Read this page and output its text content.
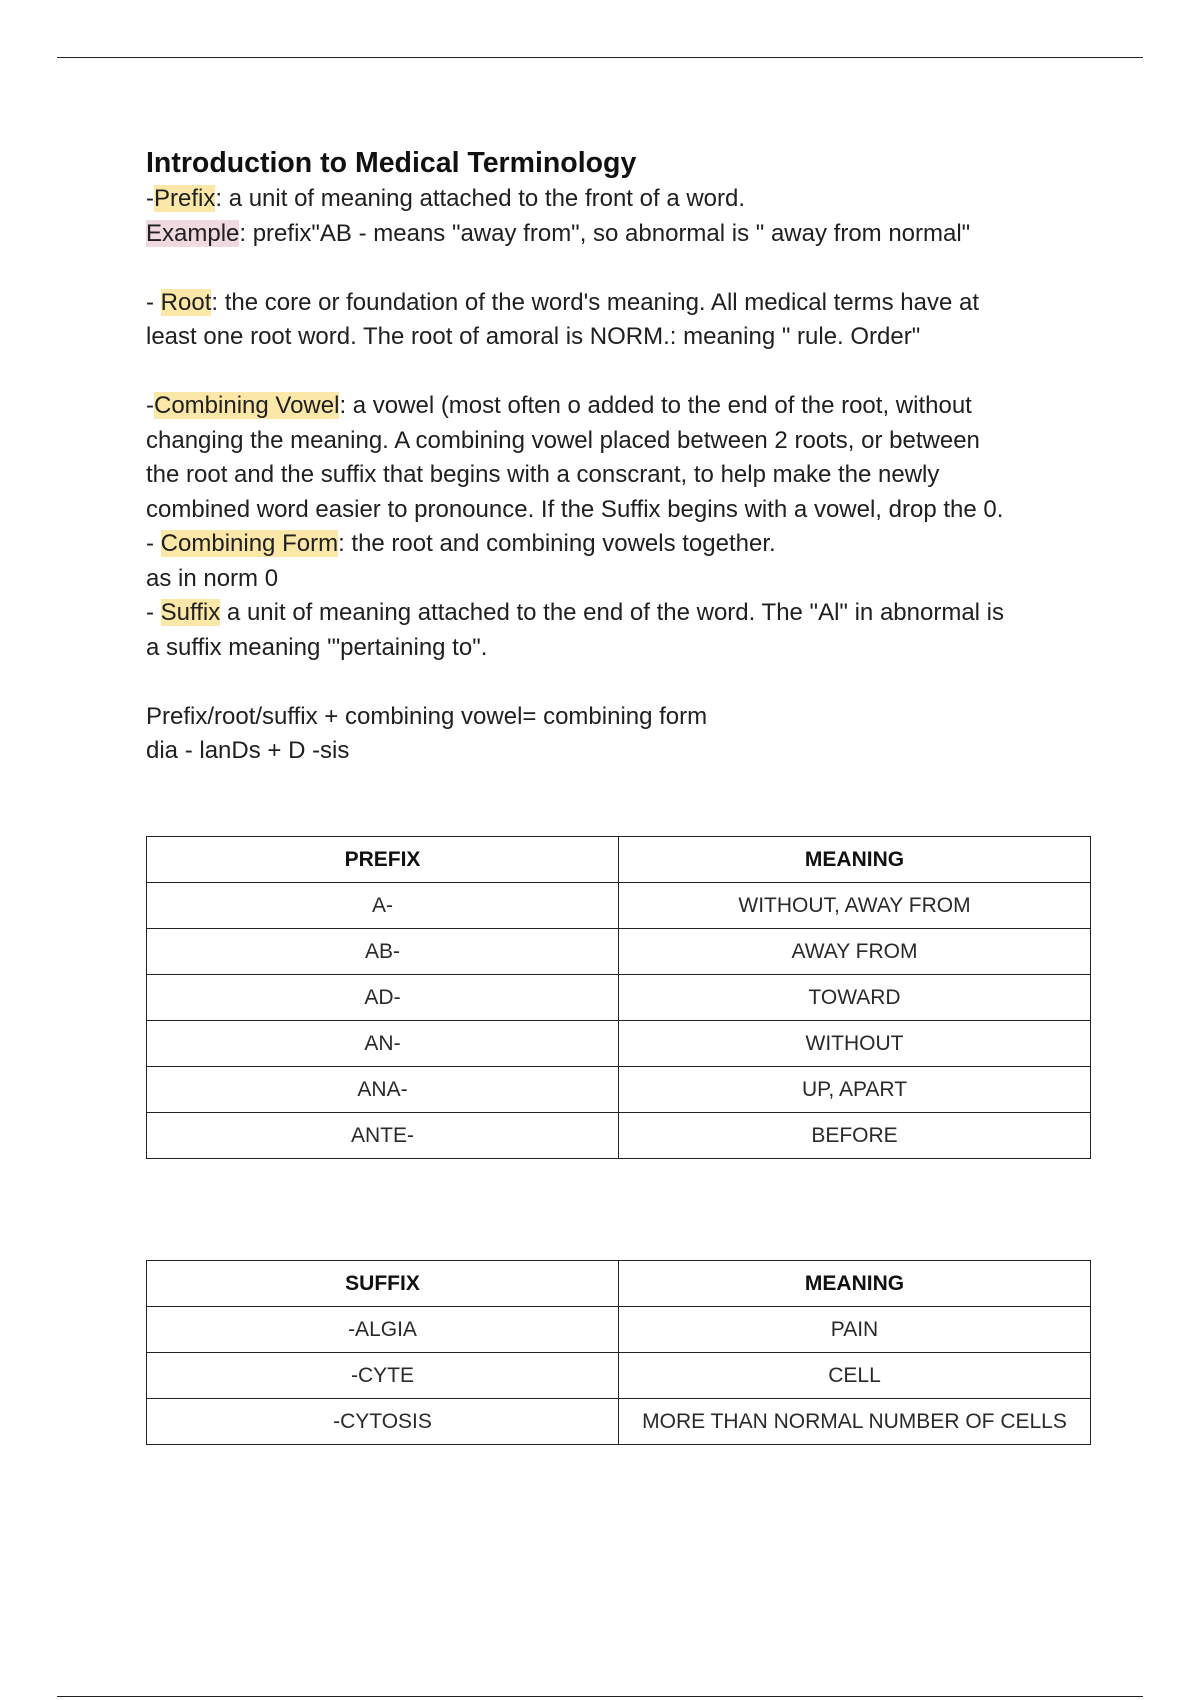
Introduction to Medical Terminology
-Prefix: a unit of meaning attached to the front of a word.
Example: prefix"AB - means "away from", so abnormal is " away from normal"
- Root: the core or foundation of the word's meaning. All medical terms have at
least one root word. The root of amoral is NORM.: meaning " rule. Order"
-Combining Vowel: a vowel (most often o added to the end of the root, without
changing the meaning. A combining vowel placed between 2 roots, or between
the root and the suffix that begins with a conscrant, to help make the newly
combined word easier to pronounce. If the Suffix begins with a vowel, drop the 0.
- Combining Form: the root and combining vowels together.
as in norm 0
- Suffix a unit of meaning attached to the end of the word. The "Al" in abnormal is
a suffix meaning '"pertaining to".
Prefix/root/suffix + combining vowel= combining form
dia - lanDs + D -sis
PREFIX	MEANING
A-	WITHOUT, AWAY FROM
AB-	AWAY FROM
AD-	TOWARD
AN-	WITHOUT
ANA-	UP, APART
ANTE-	BEFORE
SUFFIX	MEANING
-ALGIA	PAIN
-CYTE	CELL
-CYTOSIS	MORE THAN NORMAL NUMBER OF CELLS
